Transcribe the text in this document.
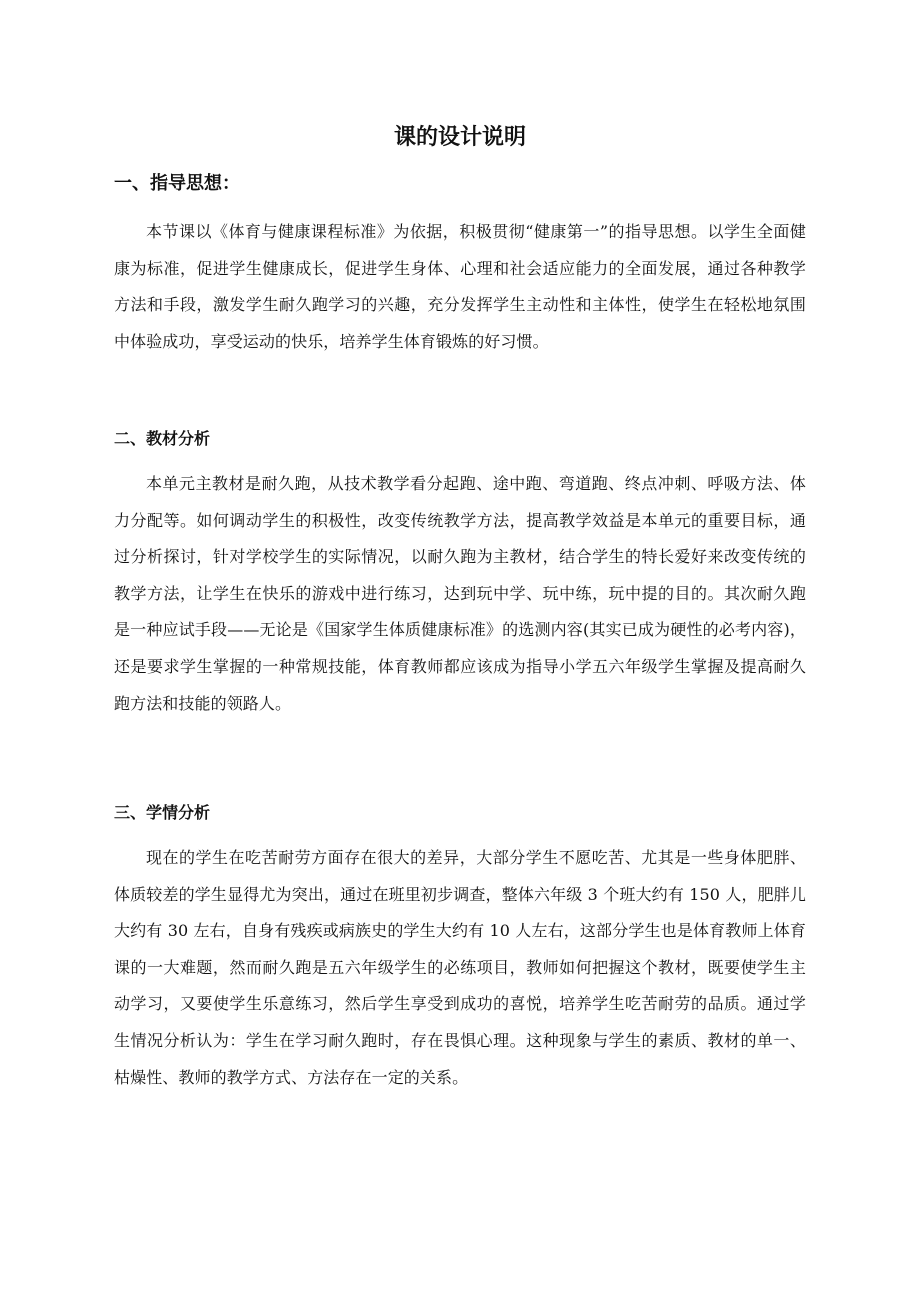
课的设计说明

一、指导思想：

本节课以《体育与健康课程标准》为依据，积极贯彻“健康第一”的指导思想。以学生全面健康为标准，促进学生健康成长，促进学生身体、心理和社会适应能力的全面发展，通过各种教学方法和手段，激发学生耐久跑学习的兴趣，充分发挥学生主动性和主体性，使学生在轻松地氛围中体验成功，享受运动的快乐，培养学生体育锻炼的好习惯。

二、教材分析

本单元主教材是耐久跑，从技术教学看分起跑、途中跑、弯道跑、终点冲刺、呼吸方法、体力分配等。如何调动学生的积极性，改变传统教学方法，提高教学效益是本单元的重要目标，通过分析探讨，针对学校学生的实际情况，以耐久跑为主教材，结合学生的特长爱好来改变传统的教学方法，让学生在快乐的游戏中进行练习，达到玩中学、玩中练，玩中提的目的。其次耐久跑是一种应试手段——无论是《国家学生体质健康标准》的选测内容(其实已成为硬性的必考内容)，还是要求学生掌握的一种常规技能，体育教师都应该成为指导小学五六年级学生掌握及提高耐久跑方法和技能的领路人。

三、学情分析

现在的学生在吃苦耐劳方面存在很大的差异，大部分学生不愿吃苦、尤其是一些身体肥胖、体质较差的学生显得尤为突出，通过在班里初步调查，整体六年级 3 个班大约有 150 人，肥胖儿大约有 30 左右，自身有残疾或病族史的学生大约有 10 人左右，这部分学生也是体育教师上体育课的一大难题，然而耐久跑是五六年级学生的必练项目，教师如何把握这个教材，既要使学生主动学习，又要使学生乐意练习，然后学生享受到成功的喜悦，培养学生吃苦耐劳的品质。通过学生情况分析认为：学生在学习耐久跑时，存在畏惧心理。这种现象与学生的素质、教材的单一、枯燥性、教师的教学方式、方法存在一定的关系。
